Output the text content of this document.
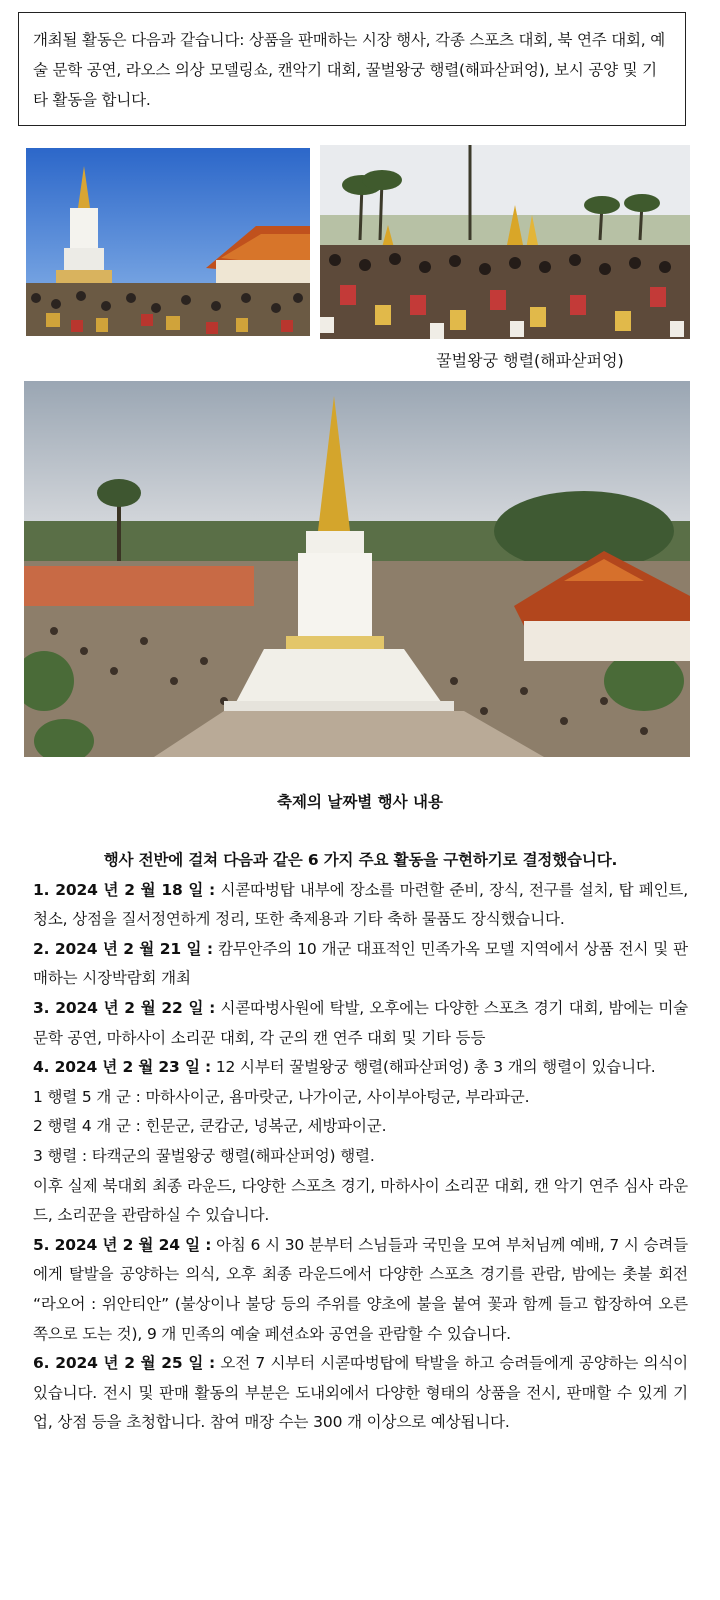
개최될 활동은 다음과 같습니다: 상품을 판매하는 시장 행사, 각종 스포츠 대회, 북 연주 대회, 예술 문학 공연, 라오스 의상 모델링쇼, 캔악기 대회, 꿀벌왕궁 행렬(해파삳퍼엉), 보시 공양 및 기타 활동을 합니다.
꿀벌왕궁 행렬(해파삳퍼엉)
축제의 날짜별 행사 내용

행사 전반에 걸쳐 다음과 같은 6 가지 주요 활동을 구현하기로 결정했습니다.

1. 2024 년 2 월 18 일 : 시콛따벙탑 내부에 장소를 마련할 준비, 장식, 전구를 설치, 탑 페인트, 청소, 상점을 질서정연하게 정리, 또한 축제용과 기타 축하 물품도 장식했습니다.

2. 2024 년 2 월 21 일 : 캄무안주의 10 개군 대표적인 민족가옥 모델 지역에서 상품 전시 및 판매하는 시장박람회 개최

3. 2024 년 2 월 22 일 : 시콛따벙사원에 탁발, 오후에는 다양한 스포츠 경기 대회, 밤에는 미술문학 공연, 마하사이 소리꾼 대회, 각 군의 캔 연주 대회 및 기타 등등

4. 2024 년 2 월 23 일 : 12 시부터 꿀벌왕궁 행렬(해파삳퍼엉) 총 3 개의 행렬이 있습니다.

1 행렬 5 개 군 : 마하사이군, 욤마랏군, 나가이군, 사이부아텅군, 부라파군.

2 행렬 4 개 군 : 힌문군, 쿤캄군, 넝복군, 세방파이군.

3 행렬 : 타캑군의 꿀벌왕궁 행렬(해파삳퍼엉) 행렬.

이후 실제 북대회 최종 라운드, 다양한 스포츠 경기, 마하사이 소리꾼 대회, 캔 악기 연주 심사 라운드, 소리꾼을 관람하실 수 있습니다.

5. 2024 년 2 월 24 일 : 아침 6 시 30 분부터 스님들과 국민을 모여 부처님께 예배, 7 시 승려들에게 탈발을 공양하는 의식, 오후 최종 라운드에서 다양한 스포츠 경기를 관람, 밤에는 촛불 회전 “라오어 : 위안티안” (불상이나 불당 등의 주위를 양초에 불을 붙여 꽃과 함께 들고 합장하여 오른쪽으로 도는 것), 9 개 민족의 예술 페션쇼와 공연을 관람할 수 있습니다.

6. 2024 년 2 월 25 일 : 오전 7 시부터 시콛따벙탑에 탁발을 하고 승려들에게 공양하는 의식이 있습니다. 전시 및 판매 활동의 부분은 도내외에서 다양한 형태의 상품을 전시, 판매할 수 있게 기업, 상점 등을 초청합니다. 참여 매장 수는 300 개 이상으로 예상됩니다.
